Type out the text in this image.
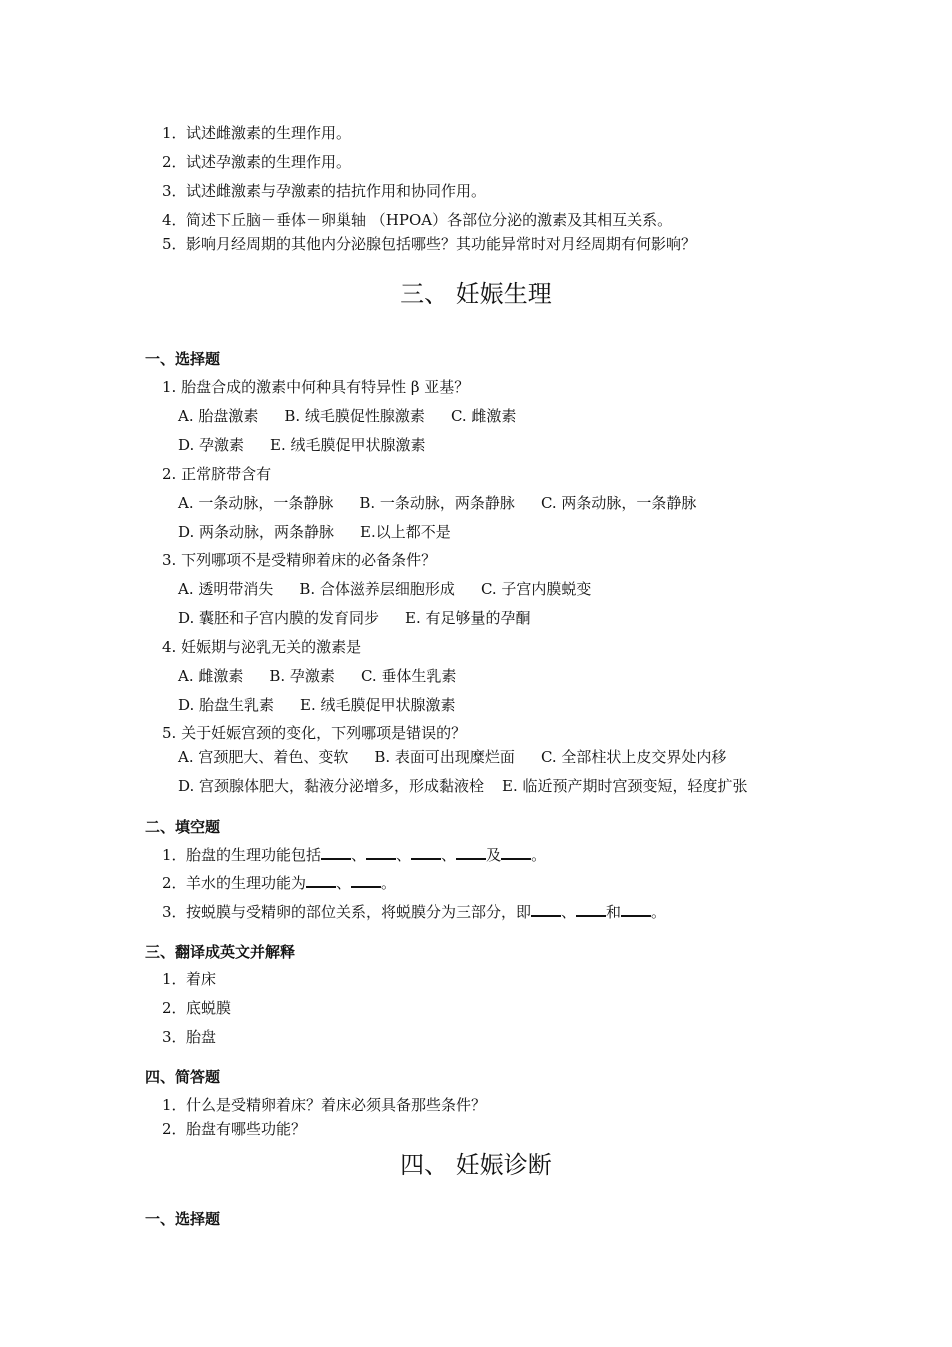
1．试述雌激素的生理作用。
2．试述孕激素的生理作用。
3．试述雌激素与孕激素的拮抗作用和协同作用。
4．简述下丘脑－垂体－卵巢轴 （HPOA）各部位分泌的激素及其相互关系。
5．影响月经周期的其他内分泌腺包括哪些？其功能异常时对月经周期有何影响？
三、 妊娠生理
一、选择题
1. 胎盘合成的激素中何种具有特异性 β 亚基？
A. 胎盘激素 B. 绒毛膜促性腺激素 C. 雌激素
D. 孕激素 E. 绒毛膜促甲状腺激素
2. 正常脐带含有
A. 一条动脉，一条静脉 B. 一条动脉，两条静脉 C. 两条动脉，一条静脉
D. 两条动脉，两条静脉 E.以上都不是
3. 下列哪项不是受精卵着床的必备条件？
A. 透明带消失 B. 合体滋养层细胞形成 C. 子宫内膜蜕变
D. 囊胚和子宫内膜的发育同步 E. 有足够量的孕酮
4. 妊娠期与泌乳无关的激素是
A. 雌激素 B. 孕激素 C. 垂体生乳素
D. 胎盘生乳素 E. 绒毛膜促甲状腺激素
5. 关于妊娠宫颈的变化，下列哪项是错误的？
A. 宫颈肥大、着色、变软 B. 表面可出现糜烂面 C. 全部柱状上皮交界处内移
D. 宫颈腺体肥大，黏液分泌增多，形成黏液栓 E. 临近预产期时宫颈变短，轻度扩张
二、填空题
1．胎盘的生理功能包括 、 、 、 及 。
2．羊水的生理功能为 、 。
3．按蜕膜与受精卵的部位关系，将蜕膜分为三部分，即 、 和 。
三、翻译成英文并解释
1．着床
2．底蜕膜
3．胎盘
四、简答题
1．什么是受精卵着床？着床必须具备那些条件？
2．胎盘有哪些功能？
四、 妊娠诊断
一、选择题
